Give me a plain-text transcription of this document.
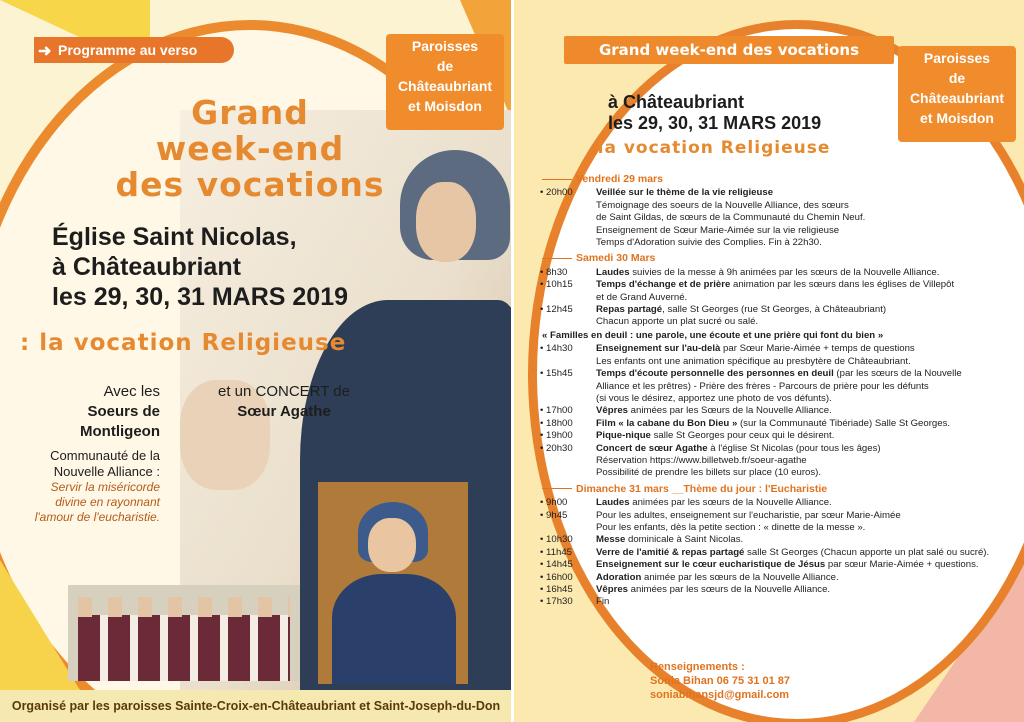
➜ Programme au verso	Paroisses
de
Châteaubriant
et Moisdon
Grand
week-end
des vocations
Église Saint Nicolas,
à Châteaubriant
les 29, 30, 31 MARS 2019
: la vocation Religieuse
Avec les
Soeurs de
Montligeon
Communauté de la
Nouvelle Alliance :
Servir la miséricorde
divine en rayonnant
l'amour de l'eucharistie.
et un CONCERT de
Sœur Agathe
Organisé par les paroisses Sainte-Croix-en-Châteaubriant et Saint-Joseph-du-Don
Grand week-end des vocations	Paroisses
de
Châteaubriant
et Moisdon
à Châteaubriant
les 29, 30, 31 MARS 2019
la vocation Religieuse
Vendredi 29 mars
• 20h00	Veillée sur le thème de la vie religieuse
Témoignage des soeurs de la Nouvelle Alliance, des sœurs
de Saint Gildas, de sœurs de la Communauté du Chemin Neuf.
Enseignement de Sœur Marie-Aimée sur la vie religieuse
Temps d'Adoration suivie des Complies. Fin à 22h30.
Samedi 30 Mars
• 8h30	Laudes suivies de la messe à 9h animées par les sœurs de la Nouvelle Alliance.
• 10h15	Temps d'échange et de prière animation par les sœurs dans les églises de Villepôt
et de Grand Auverné.
• 12h45	Repas partagé, salle St Georges (rue St Georges, à Châteaubriant)
Chacun apporte un plat sucré ou salé.
« Familles en deuil : une parole, une écoute et une prière qui font du bien »
• 14h30	Enseignement sur l'au-delà par Sœur Marie-Aimée + temps de questions
Les enfants ont une animation spécifique au presbytère de Châteaubriant.
• 15h45	Temps d'écoute personnelle des personnes en deuil (par les sœurs de la Nouvelle
Alliance et les prêtres) - Prière des frères - Parcours de prière pour les défunts
(si vous le désirez, apportez une photo de vos défunts).
• 17h00	Vêpres animées par les Sœurs de la Nouvelle Alliance.
• 18h00	Film « la cabane du Bon Dieu » (sur la Communauté Tibériade) Salle St Georges.
• 19h00	Pique-nique salle St Georges pour ceux qui le désirent.
• 20h30	Concert de sœur Agathe à l'église St Nicolas (pour tous les âges)
Réservation https://www.billetweb.fr/soeur-agathe
Possibilité de prendre les billets sur place (10 euros).
Dimanche 31 mars __Thème du jour : l'Eucharistie
• 9h00	Laudes animées par les sœurs de la Nouvelle Alliance.
• 9h45	Pour les adultes, enseignement sur l'eucharistie, par sœur Marie-Aimée
Pour les enfants, dès la petite section : « dinette de la messe ».
• 10h30	Messe dominicale à Saint Nicolas.
• 11h45	Verre de l'amitié & repas partagé salle St Georges (Chacun apporte un plat salé ou sucré).
• 14h45	Enseignement sur le cœur eucharistique de Jésus par sœur Marie-Aimée + questions.
• 16h00	Adoration animée par les sœurs de la Nouvelle Alliance.
• 16h45	Vêpres animées par les sœurs de la Nouvelle Alliance.
• 17h30	Fin
Renseignements :
Sonia Bihan 06 75 31 01 87
soniabihansjd@gmail.com
